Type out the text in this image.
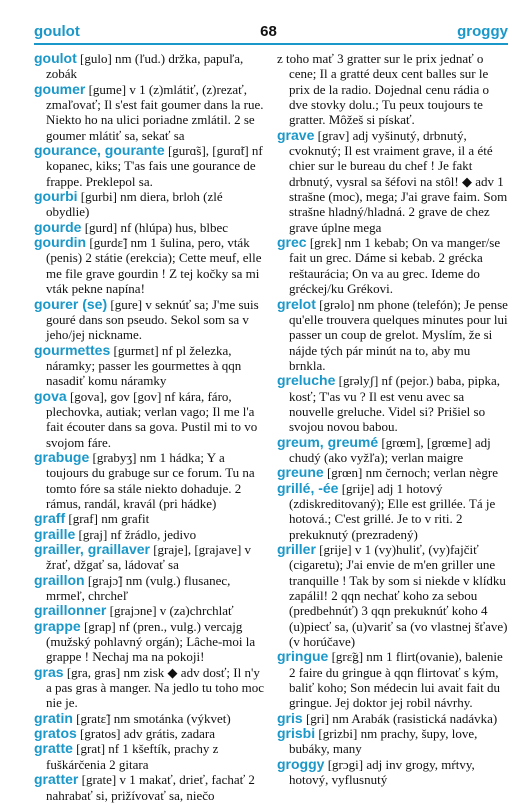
goulot	68	groggy

goulot [gulo] nm (ľud.) držka, papuľa, zobák

goumer [gume] v 1 (z)mlátiť, (z)rezať, zmaľovať; Il s'est fait goumer dans la rue. Niekto ho na ulici poriadne zmlátil. 2 se goumer mlátiť sa, sekať sa

gourance, gourante [gurɑ̃s], [gurɑ̃t] nf kopanec, kiks; T'as fais une gourance de frappe. Preklepol sa.

gourbi [gurbi] nm diera, brloh (zlé obydlie)

gourde [gurd] nf (hlúpa) hus, blbec

gourdin [gurdɛ̃] nm 1 šulina, pero, vták (penis) 2 státie (erekcia); Cette meuf, elle me file grave gourdin ! Z tej kočky sa mi vták pekne napína!

gourer (se) [gure] v seknúť sa; J'me suis gouré dans son pseudo. Sekol som sa v jeho/jej nickname.

gourmettes [gurmɛt] nf pl železka, náramky; passer les gourmettes à qqn nasadiť komu náramky

gova [gova], gov [gov] nf kára, fáro, plechovka, autiak; verlan vago; Il me l'a fait écouter dans sa gova. Pustil mi to vo svojom fáre.

grabuge [grabyʒ] nm 1 hádka; Y a toujours du grabuge sur ce forum. Tu na tomto fóre sa stále niekto dohaduje. 2 rámus, randál, kravál (pri hádke)

graff [graf] nm grafit

graille [graj] nf žrádlo, jedivo

grailler, graillaver [graje], [grajave] v žrať, džgať sa, ládovať sa

graillon [grajɔ̃] nm (vulg.) flusanec, mrmeľ, chrcheľ

graillonner [grajɔne] v (za)chrchlať

grappe [grap] nf (pren., vulg.) vercajg (mužský pohlavný orgán); Lâche-moi la grappe ! Nechaj ma na pokoji!

gras [gra, gras] nm zisk ◆ adv dosť; Il n'y a pas gras à manger. Na jedlo tu toho moc nie je.

gratin [gratɛ̃] nm smotánka (výkvet)

gratos [gratos] adv grátis, zadara

gratte [grat] nf 1 kšeftík, prachy z fuškárčenia 2 gitara

gratter [grate] v 1 makať, drieť, fachať 2 nahrabať si, prižívovať sa, niečo

z toho mať 3 gratter sur le prix jednať o cene; Il a gratté deux cent balles sur le prix de la radio. Dojednal cenu rádia o dve stovky dolu.; Tu peux toujours te gratter. Môžeš si pískať.

grave [grav] adj vyšinutý, drbnutý, cvoknutý; Il est vraiment grave, il a été chier sur le bureau du chef ! Je fakt drbnutý, vysral sa šéfovi na stôl! ◆ adv 1 strašne (moc), mega; J'ai grave faim. Som strašne hladný/hladná. 2 grave de chez grave úplne mega

grec [grɛk] nm 1 kebab; On va manger/se fait un grec. Dáme si kebab. 2 grécka reštaurácia; On va au grec. Ideme do gréckej/ku Grékovi.

grelot [grəlo] nm phone (telefón); Je pense qu'elle trouvera quelques minutes pour lui passer un coup de grelot. Myslím, že si nájde tých pár minút na to, aby mu brnkla.

greluche [grəlyʃ] nf (pejor.) baba, pipka, kosť; T'as vu ? Il est venu avec sa nouvelle greluche. Videl si? Prišiel so svojou novou babou.

greum, greumé [grœm], [grœme] adj chudý (ako vyžľa); verlan maigre

greune [grœn] nm černoch; verlan nègre

grillé, -ée [grije] adj 1 hotový (zdiskreditovaný); Elle est grillée. Tá je hotová.; C'est grillé. Je to v riti. 2 prekuknutý (prezradený)

griller [grije] v 1 (vy)huliť, (vy)fajčiť (cigaretu); J'ai envie de m'en griller une tranquille ! Tak by som si niekde v klídku zapálil! 2 qqn nechať koho za sebou (predbehnúť) 3 qqn prekuknúť koho 4 (u)piecť sa, (u)variť sa (vo vlastnej šťave) (v horúčave)

gringue [grɛ̃g] nm 1 flirt(ovanie), balenie 2 faire du gringue à qqn flirtovať s kým, baliť koho; Son médecin lui avait fait du gringue. Jej doktor jej robil návrhy.

gris [gri] nm Arabák (rasistická nadávka)

grisbi [grizbi] nm prachy, šupy, love, bubáky, many

groggy [grɔgi] adj inv grogy, mŕtvy, hotový, vyflusnutý
